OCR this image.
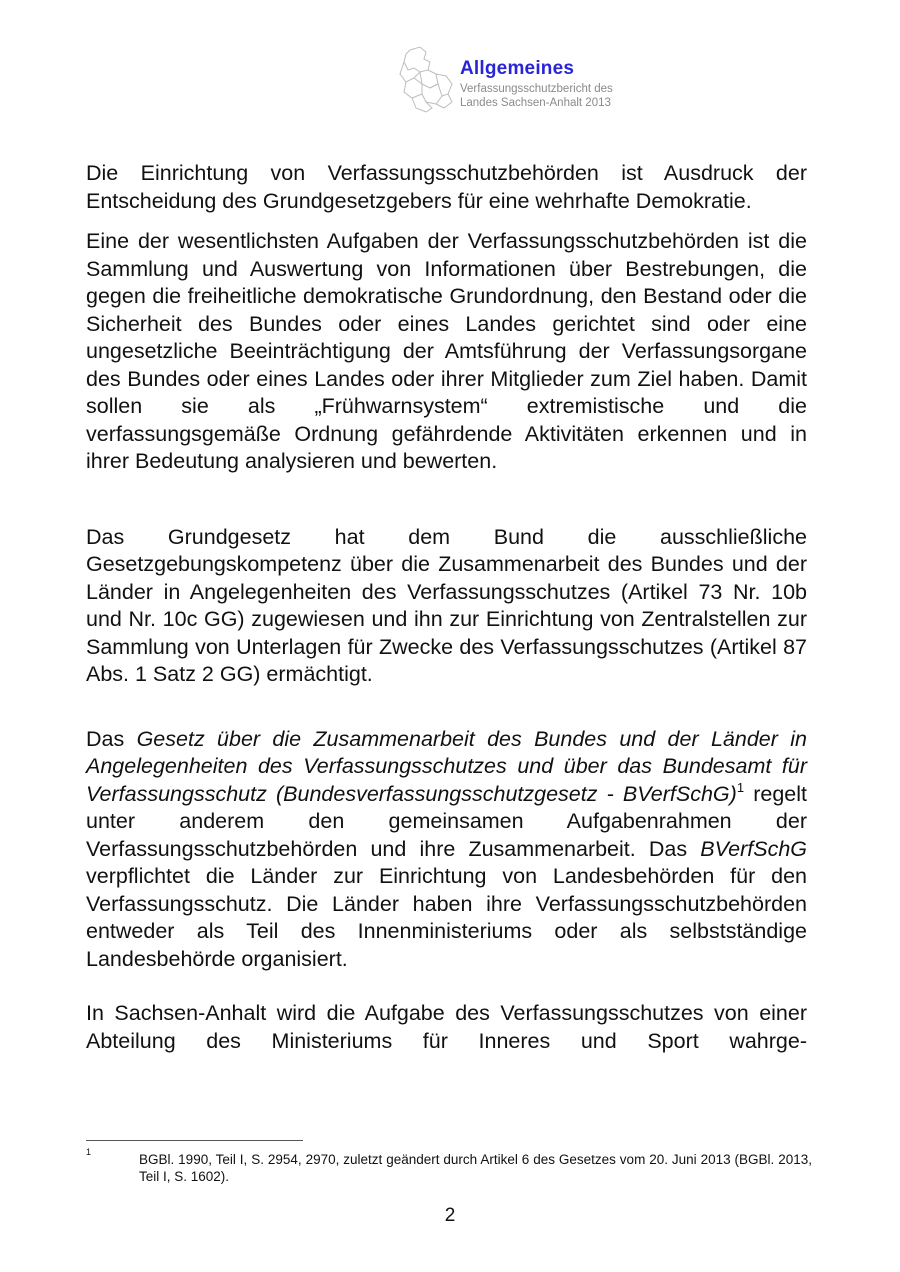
Allgemeines
Verfassungsschutzbericht des
Landes Sachsen-Anhalt 2013

Die Einrichtung von Verfassungsschutzbehörden ist Ausdruck der Entscheidung des Grundgesetzgebers für eine wehrhafte Demokratie.

Eine der wesentlichsten Aufgaben der Verfassungsschutzbehörden ist die Sammlung und Auswertung von Informationen über Bestrebungen, die gegen die freiheitliche demokratische Grundordnung, den Bestand oder die Sicherheit des Bundes oder eines Landes gerichtet sind oder eine ungesetzliche Beeinträchtigung der Amtsführung der Verfassungsorgane des Bundes oder eines Landes oder ihrer Mitglieder zum Ziel haben. Damit sollen sie als „Frühwarnsystem“ extremistische und die verfassungsgemäße Ordnung gefährdende Aktivitäten erkennen und in ihrer Bedeutung analysieren und bewerten.

Das Grundgesetz hat dem Bund die ausschließliche Gesetzgebungskompetenz über die Zusammenarbeit des Bundes und der Länder in Angelegenheiten des Verfassungsschutzes (Artikel 73 Nr. 10b und Nr. 10c GG) zugewiesen und ihn zur Einrichtung von Zentralstellen zur Sammlung von Unterlagen für Zwecke des Verfassungsschutzes (Artikel 87 Abs. 1 Satz 2 GG) ermächtigt.

Das Gesetz über die Zusammenarbeit des Bundes und der Länder in Angelegenheiten des Verfassungsschutzes und über das Bundesamt für Verfassungsschutz (Bundesverfassungsschutzgesetz - BVerfSchG)$^1$ regelt unter anderem den gemeinsamen Aufgabenrahmen der Verfassungsschutzbehörden und ihre Zusammenarbeit. Das BVerfSchG verpflichtet die Länder zur Einrichtung von Landesbehörden für den Verfassungsschutz. Die Länder haben ihre Verfassungsschutzbehörden entweder als Teil des Innenministeriums oder als selbstständige Landesbehörde organisiert.

In Sachsen-Anhalt wird die Aufgabe des Verfassungsschutzes von einer Abteilung des Ministeriums für Inneres und Sport wahrge-

1	BGBl. 1990, Teil I, S. 2954, 2970, zuletzt geändert durch Artikel 6 des Gesetzes vom 20. Juni 2013 (BGBl. 2013, Teil I, S. 1602).
2
